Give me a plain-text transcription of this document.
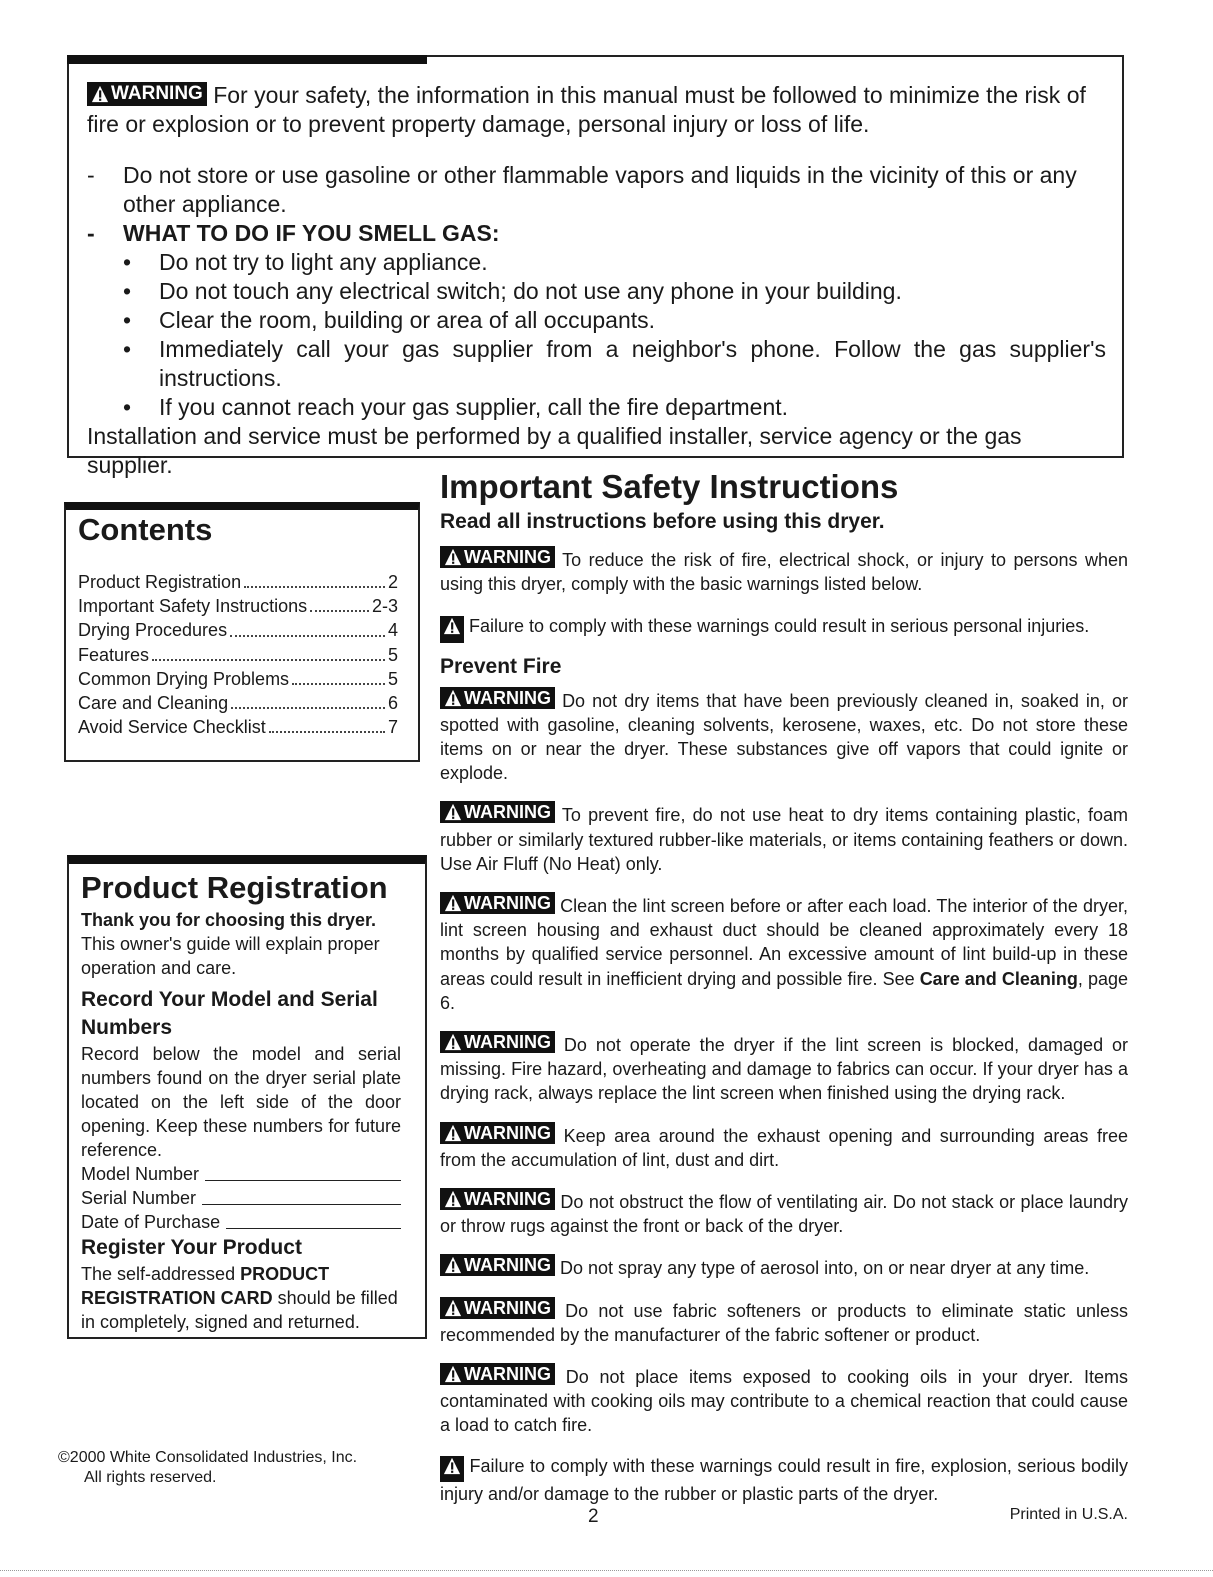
WARNING For your safety, the information in this manual must be followed to minimize the risk of fire or explosion or to prevent property damage, personal injury or loss of life.

-	Do not store or use gasoline or other flammable vapors and liquids in the vicinity of this or any other appliance.
-	WHAT TO DO IF YOU SMELL GAS:
•	Do not try to light any appliance.
•	Do not touch any electrical switch; do not use any phone in your building.
•	Clear the room, building or area of all occupants.
•	Immediately call your gas supplier from a neighbor's phone. Follow the gas supplier's
instructions.
•	If you cannot reach your gas supplier, call the fire department.

Installation and service must be performed by a qualified installer, service agency or the gas supplier.

Contents
Product Registration	2
Important Safety Instructions	2-3
Drying Procedures	4
Features	5
Common Drying Problems	5
Care and Cleaning	6
Avoid Service Checklist	7
Product Registration

Thank you for choosing this dryer.

This owner's guide will explain proper operation and care.

Record Your Model and Serial Numbers

Record below the model and serial numbers found on the dryer serial plate located on the left side of the door opening. Keep these numbers for future reference.

Model Number
Serial Number
Date of Purchase
Register Your Product

The self-addressed PRODUCT REGISTRATION CARD should be filled in completely, signed and returned.

©2000 White Consolidated Industries, Inc.
All rights reserved.
Important Safety Instructions
Read all instructions before using this dryer.

WARNING To reduce the risk of fire, electrical shock, or injury to persons when using this dryer, comply with the basic warnings listed below.

Failure to comply with these warnings could result in serious personal injuries.

Prevent Fire

WARNING Do not dry items that have been previously cleaned in, soaked in, or spotted with gasoline, cleaning solvents, kerosene, waxes, etc. Do not store these items on or near the dryer. These substances give off vapors that could ignite or explode.

WARNING To prevent fire, do not use heat to dry items containing plastic, foam rubber or similarly textured rubber-like materials, or items containing feathers or down. Use Air Fluff (No Heat) only.

WARNING Clean the lint screen before or after each load. The interior of the dryer, lint screen housing and exhaust duct should be cleaned approximately every 18 months by qualified service personnel. An excessive amount of lint build-up in these areas could result in inefficient drying and possible fire. See Care and Cleaning, page 6.

WARNING Do not operate the dryer if the lint screen is blocked, damaged or missing. Fire hazard, overheating and damage to fabrics can occur. If your dryer has a drying rack, always replace the lint screen when finished using the drying rack.

WARNING Keep area around the exhaust opening and surrounding areas free from the accumulation of lint, dust and dirt.

WARNING Do not obstruct the flow of ventilating air. Do not stack or place laundry or throw rugs against the front or back of the dryer.

WARNING Do not spray any type of aerosol into, on or near dryer at any time.

WARNING Do not use fabric softeners or products to eliminate static unless recommended by the manufacturer of the fabric softener or product.

WARNING Do not place items exposed to cooking oils in your dryer. Items contaminated with cooking oils may contribute to a chemical reaction that could cause a load to catch fire.

Failure to comply with these warnings could result in fire, explosion, serious bodily injury and/or damage to the rubber or plastic parts of the dryer.

2	Printed in U.S.A.
